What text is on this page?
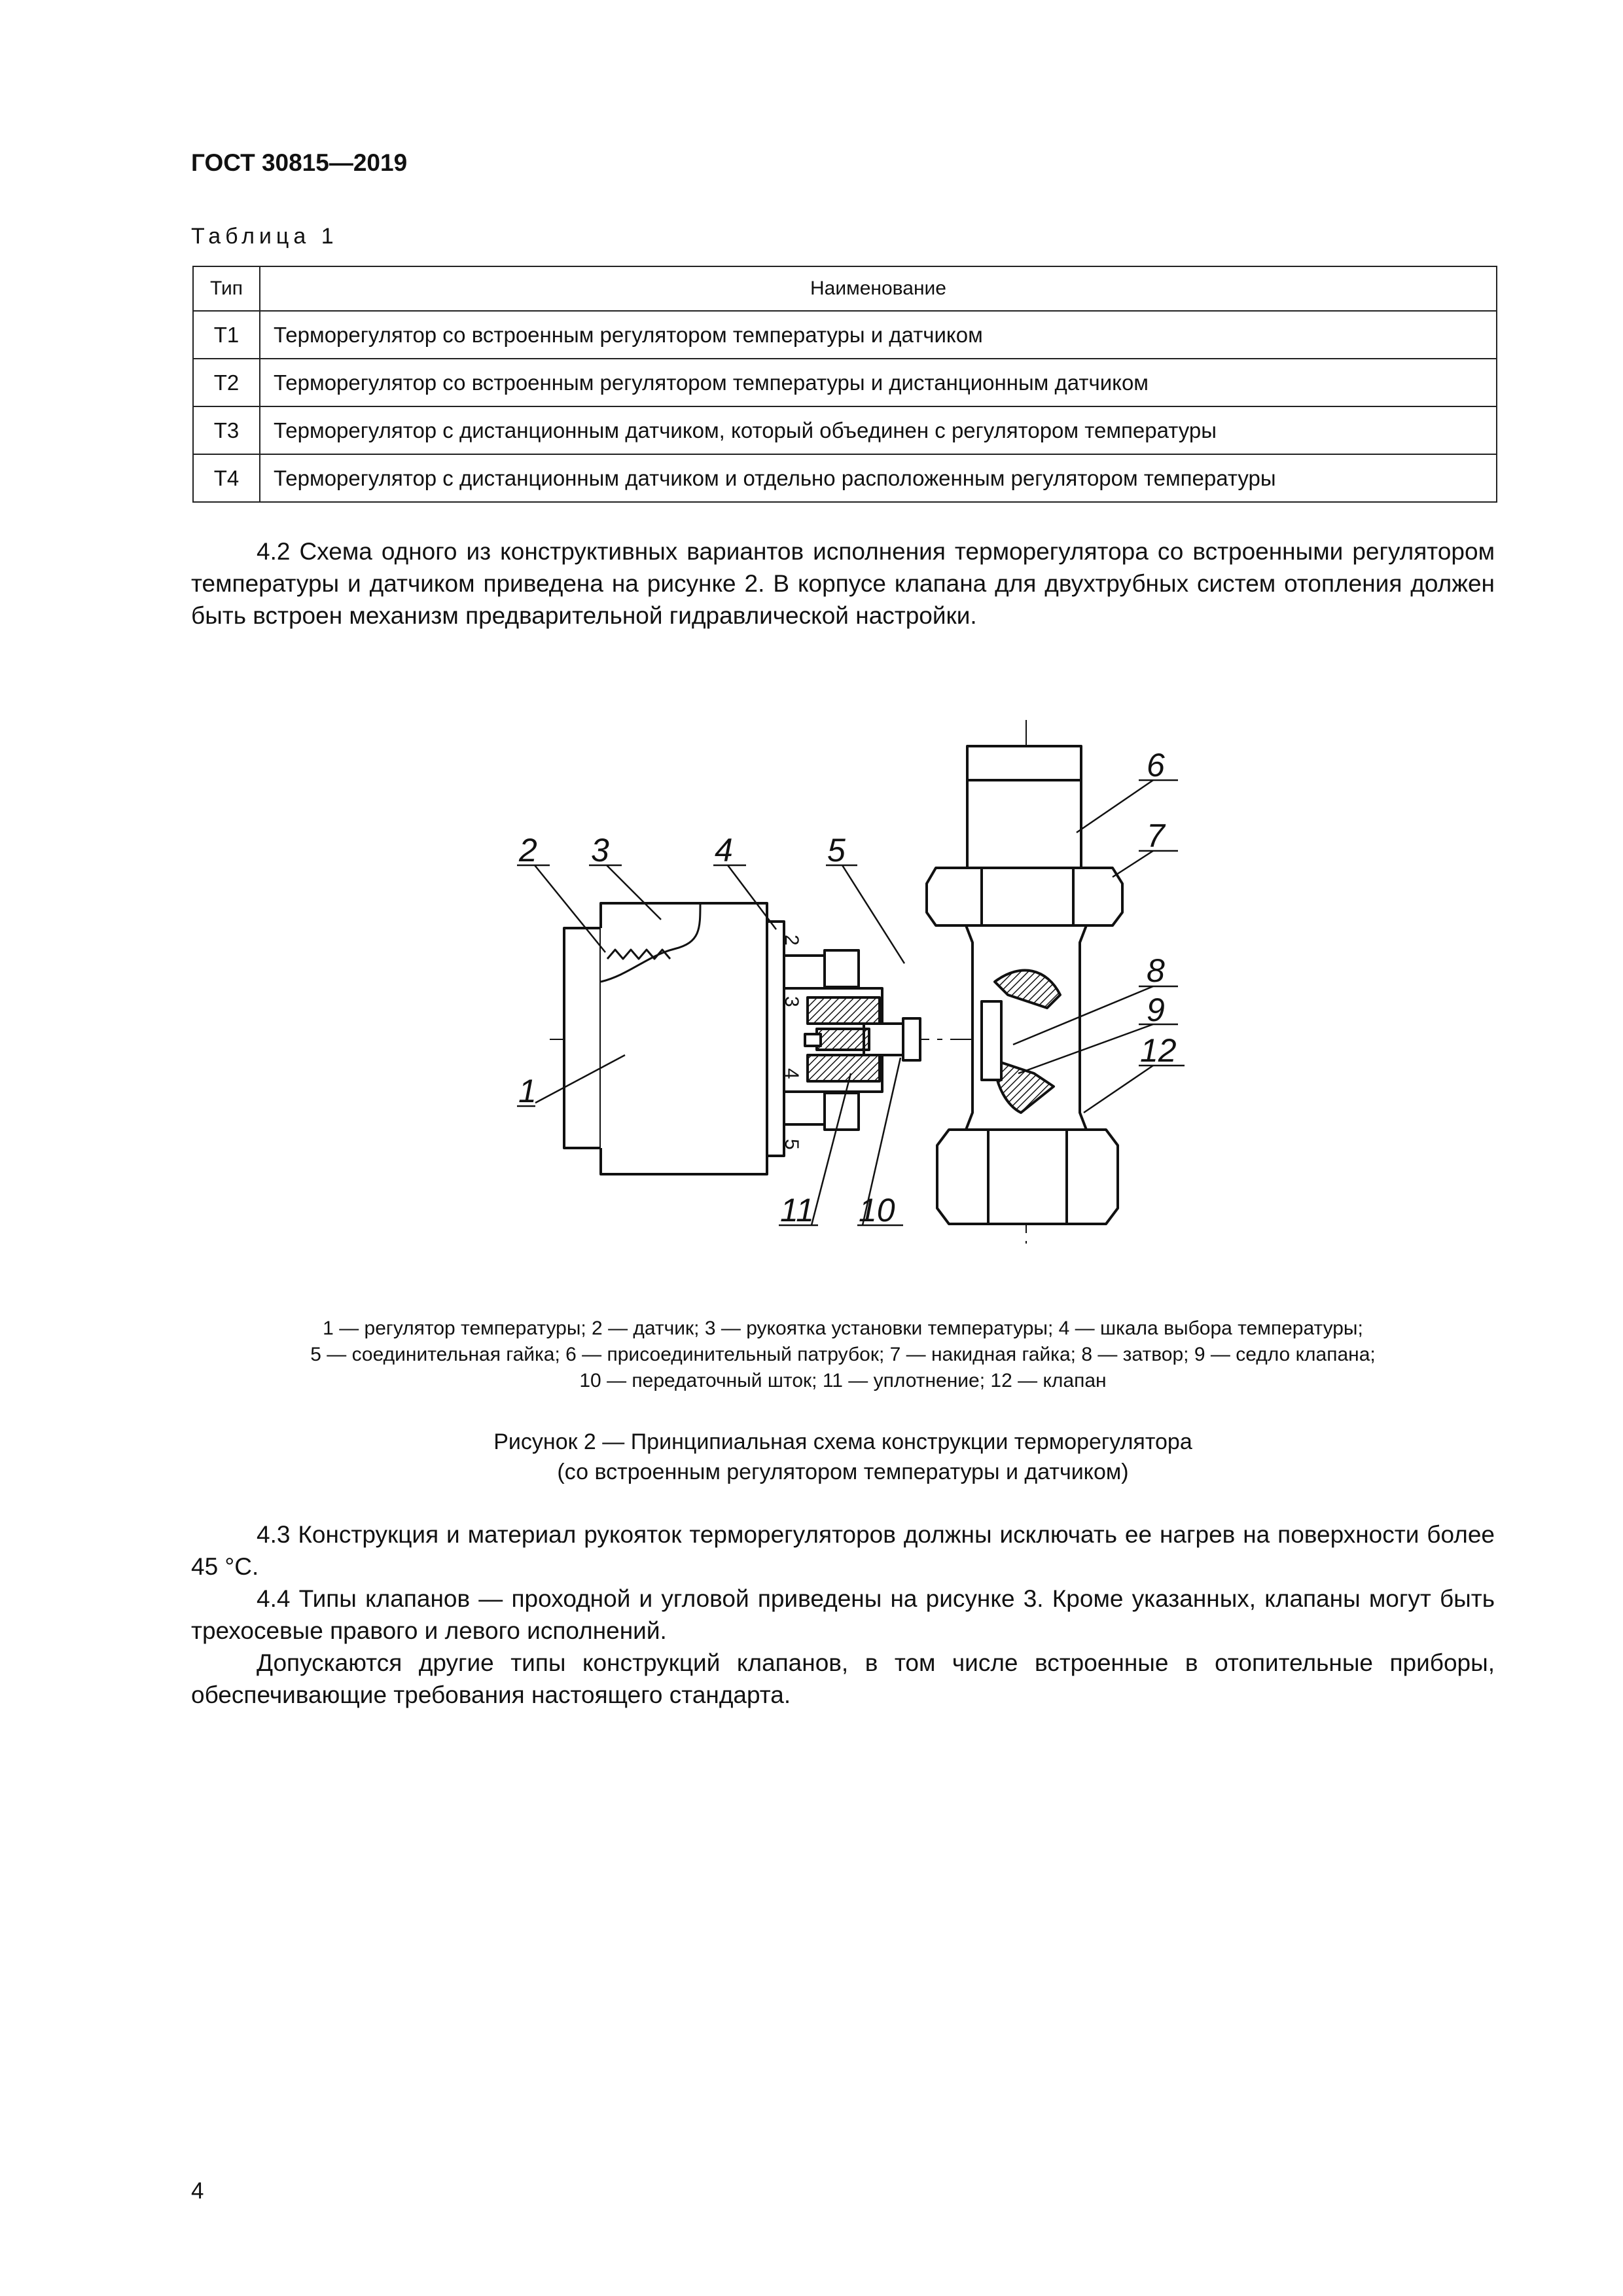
ГОСТ 30815—2019
Таблица 1
Тип	Наименование
Т1	Терморегулятор со встроенным регулятором температуры и датчиком
Т2	Терморегулятор со встроенным регулятором температуры и дистанционным датчиком
Т3	Терморегулятор с дистанционным датчиком, который объединен с регулятором температуры
Т4	Терморегулятор с дистанционным датчиком и отдельно расположенным регулятором температуры

4.2 Схема одного из конструктивных вариантов исполнения терморегулятора со встроенными регулятором температуры и датчиком приведена на рисунке 2. В корпусе клапана для двухтрубных систем отопления должен быть встроен механизм предварительной гидравлической настройки.

2
3
4
5
1
2 3	4	5
6
7
8
9
12
11 10
1 — регулятор температуры; 2 — датчик; 3 — рукоятка установки температуры; 4 — шкала выбора температуры;
5 — соединительная гайка; 6 — присоединительный патрубок; 7 — накидная гайка; 8 — затвор; 9 — седло клапана;
10 — передаточный шток; 11 — уплотнение; 12 — клапан
Рисунок 2 — Принципиальная схема конструкции терморегулятора
(со встроенным регулятором температуры и датчиком)

4.3 Конструкция и материал рукояток терморегуляторов должны исключать ее нагрев на поверхности более 45 °С.

4.4 Типы клапанов — проходной и угловой приведены на рисунке 3. Кроме указанных, клапаны могут быть трехосевые правого и левого исполнений.

Допускаются другие типы конструкций клапанов, в том числе встроенные в отопительные приборы, обеспечивающие требования настоящего стандарта.

4
